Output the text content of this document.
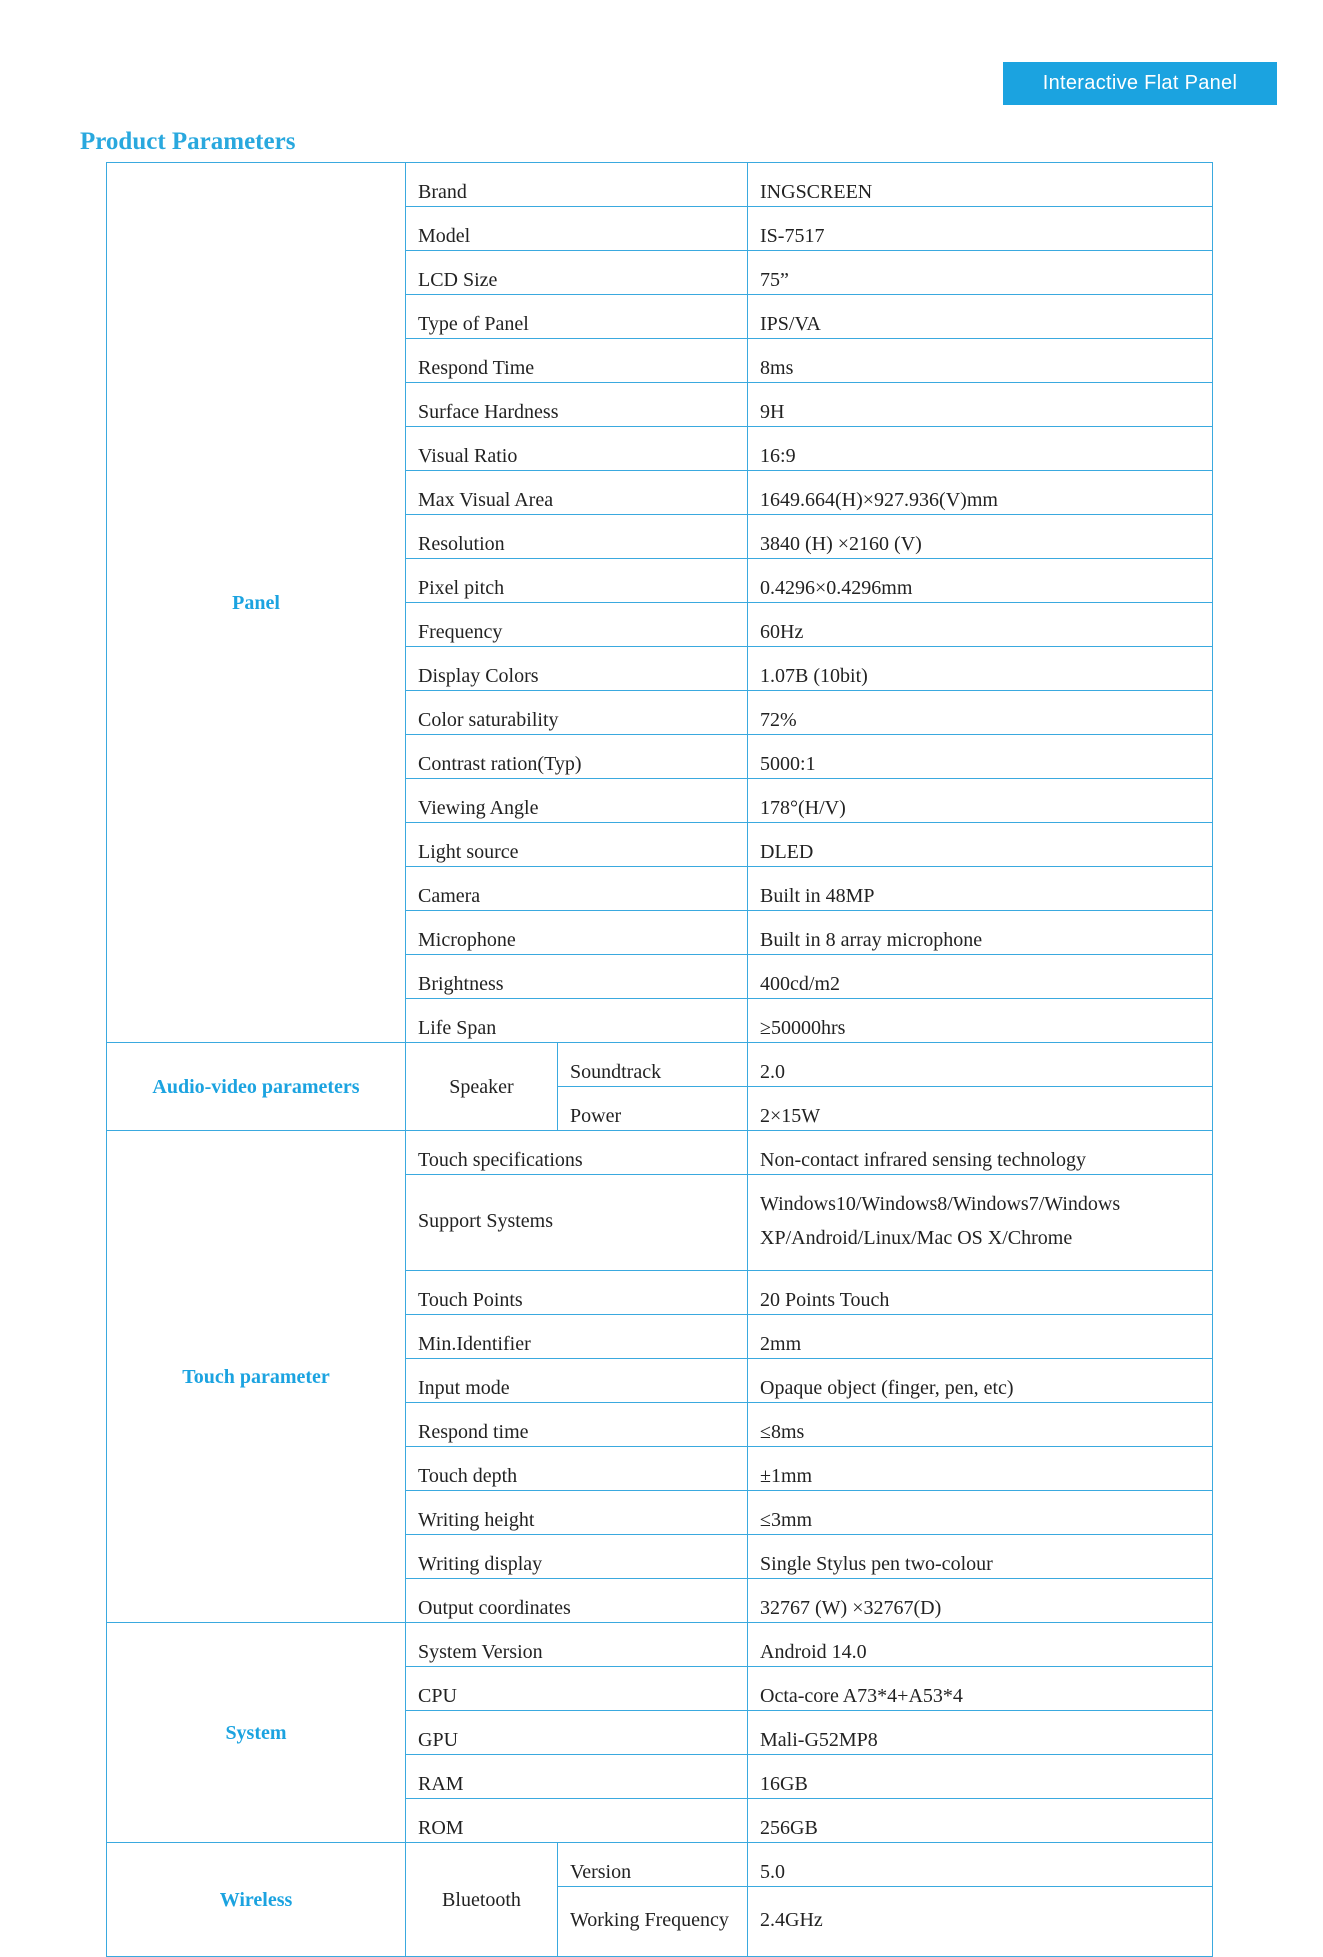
Interactive Flat Panel
Product Parameters
Panel	Brand		INGSCREEN
	Model		IS-7517
	LCD Size		75”
	Type of Panel		IPS/VA
	Respond Time		8ms
	Surface Hardness		9H
	Visual Ratio		16:9
	Max Visual Area		1649.664(H)×927.936(V)mm
	Resolution		3840 (H) ×2160 (V)
	Pixel pitch		0.4296×0.4296mm
	Frequency		60Hz
	Display Colors		1.07B (10bit)
	Color saturability		72%
	Contrast ration(Typ)		5000:1
	Viewing Angle		178°(H/V)
	Light source		DLED
	Camera		Built in 48MP
	Microphone		Built in 8 array microphone
	Brightness		400cd/m2
	Life Span		≥50000hrs
Audio-video parameters	Speaker	Soundtrack	2.0
		Power	2×15W
Touch parameter	Touch specifications		Non-contact infrared sensing technology
	Support Systems		Windows10/Windows8/Windows7/Windows XP/Android/Linux/Mac OS X/Chrome
	Touch Points		20 Points Touch
	Min.Identifier		2mm
	Input mode		Opaque object (finger, pen, etc)
	Respond time		≤8ms
	Touch depth		±1mm
	Writing height		≤3mm
	Writing display		Single Stylus pen two-colour
	Output coordinates		32767 (W) ×32767(D)
System	System Version		Android 14.0
	CPU		Octa-core A73*4+A53*4
	GPU		Mali-G52MP8
	RAM		16GB
	ROM		256GB
Wireless	Bluetooth	Version	5.0
		Working Frequency	2.4GHz
